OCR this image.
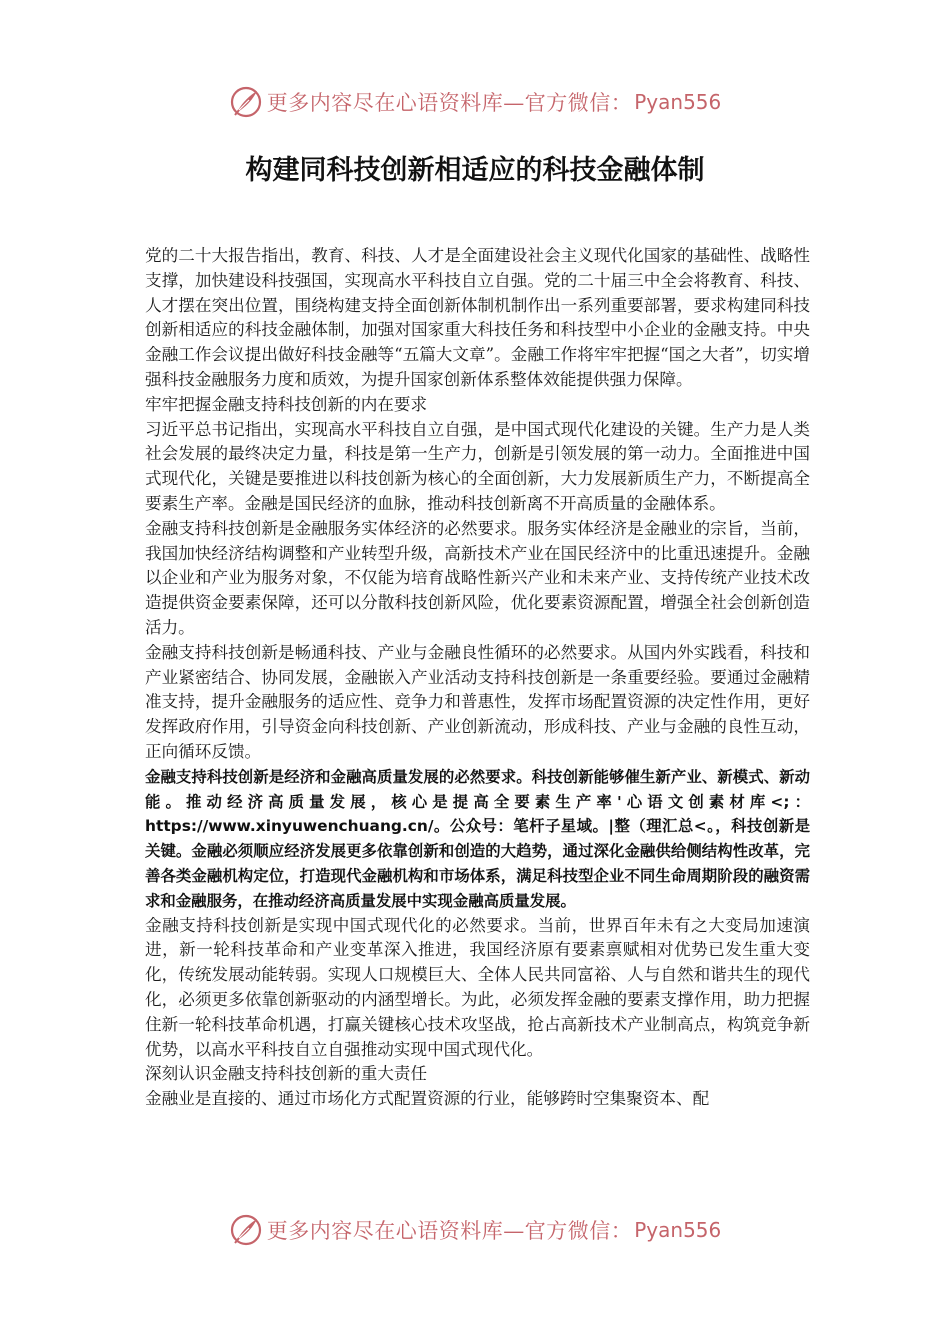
更多内容尽在心语资料库—官方微信： Pyan556
构建同科技创新相适应的科技金融体制

党的二十大报告指出，教育、科技、人才是全面建设社会主义现代化国家的基础性、战略性支撑，加快建设科技强国，实现高水平科技自立自强。党的二十届三中全会将教育、科技、人才摆在突出位置，围绕构建支持全面创新体制机制作出一系列重要部署，要求构建同科技创新相适应的科技金融体制，加强对国家重大科技任务和科技型中小企业的金融支持。中央金融工作会议提出做好科技金融等“五篇大文章”。金融工作将牢牢把握“国之大者”，切实增强科技金融服务力度和质效，为提升国家创新体系整体效能提供强力保障。

牢牢把握金融支持科技创新的内在要求

习近平总书记指出，实现高水平科技自立自强，是中国式现代化建设的关键。生产力是人类社会发展的最终决定力量，科技是第一生产力，创新是引领发展的第一动力。全面推进中国式现代化，关键是要推进以科技创新为核心的全面创新，大力发展新质生产力，不断提高全要素生产率。金融是国民经济的血脉，推动科技创新离不开高质量的金融体系。

金融支持科技创新是金融服务实体经济的必然要求。服务实体经济是金融业的宗旨，当前，我国加快经济结构调整和产业转型升级，高新技术产业在国民经济中的比重迅速提升。金融以企业和产业为服务对象，不仅能为培育战略性新兴产业和未来产业、支持传统产业技术改造提供资金要素保障，还可以分散科技创新风险，优化要素资源配置，增强全社会创新创造活力。

金融支持科技创新是畅通科技、产业与金融良性循环的必然要求。从国内外实践看，科技和产业紧密结合、协同发展，金融嵌入产业活动支持科技创新是一条重要经验。要通过金融精准支持，提升金融服务的适应性、竞争力和普惠性，发挥市场配置资源的决定性作用，更好发挥政府作用，引导资金向科技创新、产业创新流动，形成科技、产业与金融的良性互动，正向循环反馈。

金融支持科技创新是经济和金融高质量发展的必然要求。科技创新能够催生新产业、新模式、新动能。推动经济高质量发展，核心是提高全要素生产率'心语文创素材库<;：https://www.xinyuwenchuang.cn/。公众号：笔杆子星域。|整（理汇总<。，科技创新是关键。金融必须顺应经济发展更多依靠创新和创造的大趋势，通过深化金融供给侧结构性改革，完善各类金融机构定位，打造现代金融机构和市场体系，满足科技型企业不同生命周期阶段的融资需求和金融服务，在推动经济高质量发展中实现金融高质量发展。

金融支持科技创新是实现中国式现代化的必然要求。当前，世界百年未有之大变局加速演进，新一轮科技革命和产业变革深入推进，我国经济原有要素禀赋相对优势已发生重大变化，传统发展动能转弱。实现人口规模巨大、全体人民共同富裕、人与自然和谐共生的现代化，必须更多依靠创新驱动的内涵型增长。为此，必须发挥金融的要素支撑作用，助力把握住新一轮科技革命机遇，打赢关键核心技术攻坚战，抢占高新技术产业制高点，构筑竞争新优势，以高水平科技自立自强推动实现中国式现代化。

深刻认识金融支持科技创新的重大责任

金融业是直接的、通过市场化方式配置资源的行业，能够跨时空集聚资本、配

更多内容尽在心语资料库—官方微信： Pyan556
